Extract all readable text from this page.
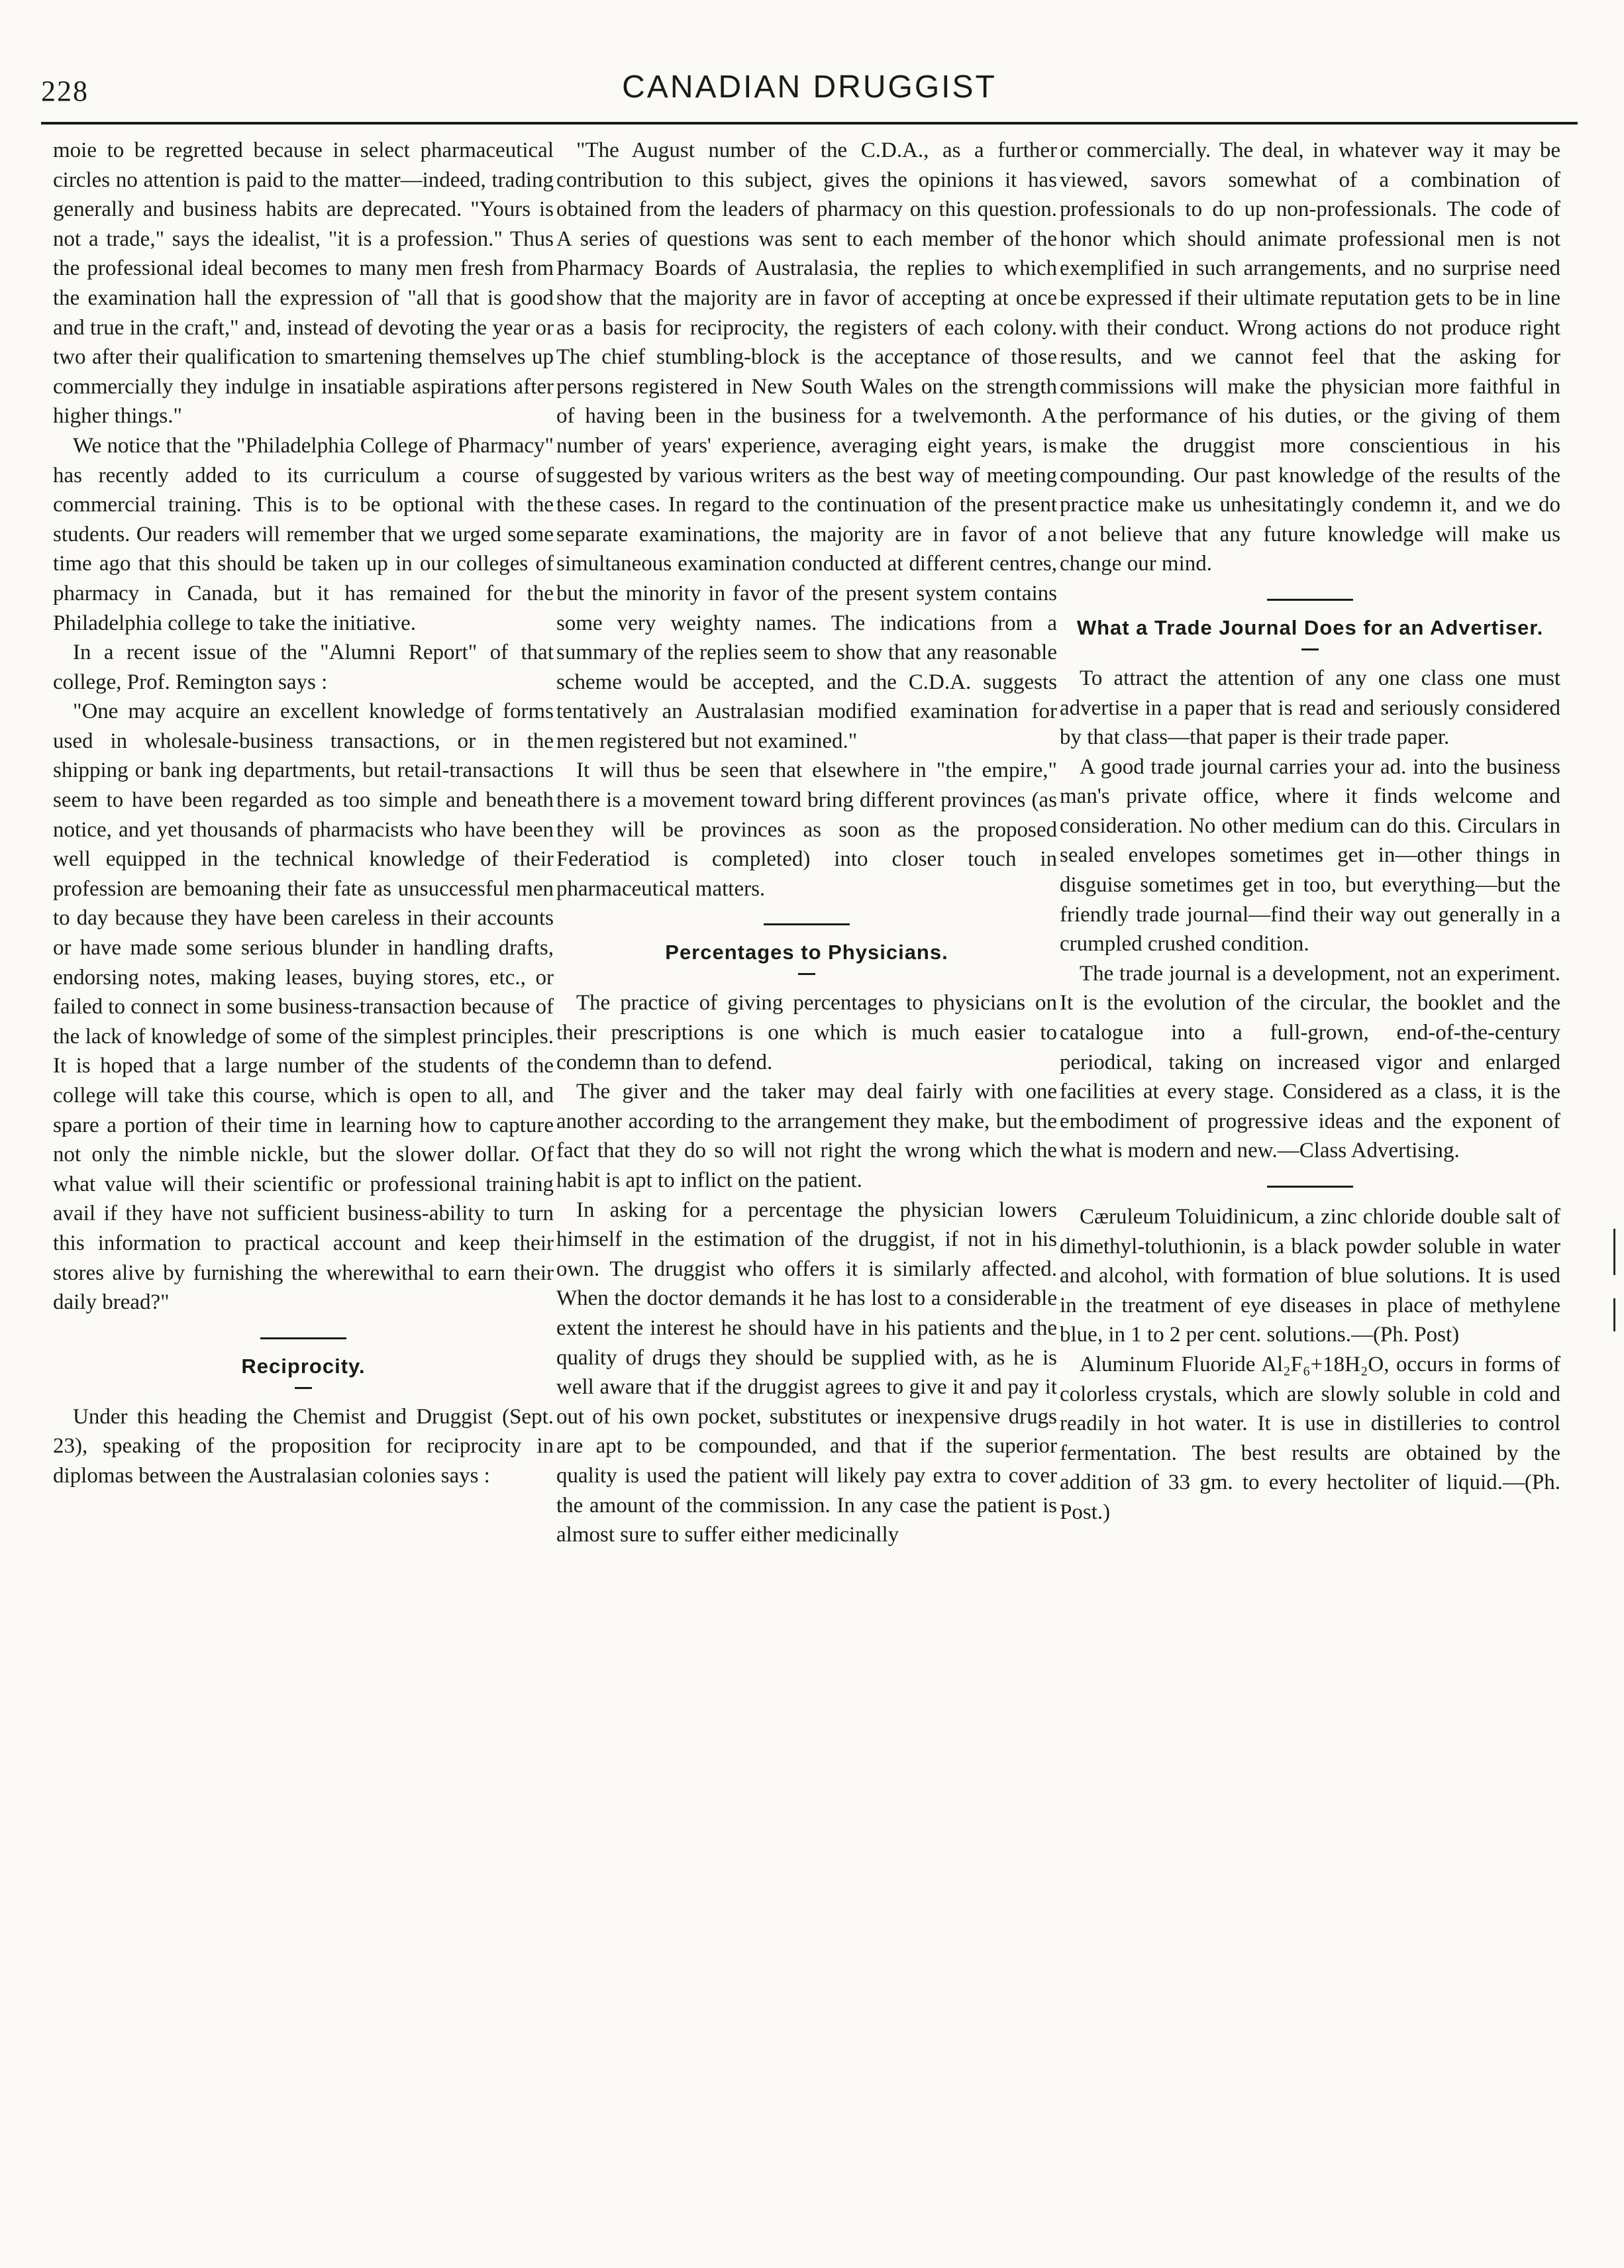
228	CANADIAN DRUGGIST

moie to be regretted because in select pharmaceutical circles no attention is paid to the matter—indeed, trading generally and business habits are deprecated. "Yours is not a trade," says the idealist, "it is a profession." Thus the professional ideal becomes to many men fresh from the examination hall the expression of "all that is good and true in the craft," and, instead of devoting the year or two after their qualification to smartening themselves up commercially they indulge in insatiable aspirations after higher things."

We notice that the "Philadelphia College of Pharmacy" has recently added to its curriculum a course of commercial training. This is to be optional with the students. Our readers will remember that we urged some time ago that this should be taken up in our colleges of pharmacy in Canada, but it has remained for the Philadelphia college to take the initiative.

In a recent issue of the "Alumni Report" of that college, Prof. Remington says :

"One may acquire an excellent knowledge of forms used in wholesale-business transactions, or in the shipping or bank ing departments, but retail-transactions seem to have been regarded as too simple and beneath notice, and yet thousands of pharmacists who have been well equipped in the technical knowledge of their profession are bemoaning their fate as unsuccessful men to day because they have been careless in their accounts or have made some serious blunder in handling drafts, endorsing notes, making leases, buying stores, etc., or failed to connect in some business-transaction because of the lack of knowledge of some of the simplest principles. It is hoped that a large number of the students of the college will take this course, which is open to all, and spare a portion of their time in learning how to capture not only the nimble nickle, but the slower dollar. Of what value will their scientific or professional training avail if they have not sufficient business-ability to turn this information to practical account and keep their stores alive by furnishing the wherewithal to earn their daily bread?"

Reciprocity.

Under this heading the Chemist and Druggist (Sept. 23), speaking of the proposition for reciprocity in diplomas between the Australasian colonies says :

"The August number of the C.D.A., as a further contribution to this subject, gives the opinions it has obtained from the leaders of pharmacy on this question. A series of questions was sent to each member of the Pharmacy Boards of Australasia, the replies to which show that the majority are in favor of accepting at once as a basis for reciprocity, the registers of each colony. The chief stumbling-block is the acceptance of those persons registered in New South Wales on the strength of having been in the business for a twelvemonth. A number of years' experience, averaging eight years, is suggested by various writers as the best way of meeting these cases. In regard to the continuation of the present separate examinations, the majority are in favor of a simultaneous examination conducted at different centres, but the minority in favor of the present system contains some very weighty names. The indications from a summary of the replies seem to show that any reasonable scheme would be accepted, and the C.D.A. suggests tentatively an Australasian modified examination for men registered but not examined."

It will thus be seen that elsewhere in "the empire," there is a movement toward bring different provinces (as they will be provinces as soon as the proposed Federatiod is completed) into closer touch in pharmaceutical matters.

Percentages to Physicians.

The practice of giving percentages to physicians on their prescriptions is one which is much easier to condemn than to defend.

The giver and the taker may deal fairly with one another according to the arrangement they make, but the fact that they do so will not right the wrong which the habit is apt to inflict on the patient.

In asking for a percentage the physician lowers himself in the estimation of the druggist, if not in his own. The druggist who offers it is similarly affected. When the doctor demands it he has lost to a considerable extent the interest he should have in his patients and the quality of drugs they should be supplied with, as he is well aware that if the druggist agrees to give it and pay it out of his own pocket, substitutes or inexpensive drugs are apt to be compounded, and that if the superior quality is used the patient will likely pay extra to cover the amount of the commission. In any case the patient is almost sure to suffer either medicinally

or commercially. The deal, in whatever way it may be viewed, savors somewhat of a combination of professionals to do up non-professionals. The code of honor which should animate professional men is not exemplified in such arrangements, and no surprise need be expressed if their ultimate reputation gets to be in line with their conduct. Wrong actions do not produce right results, and we cannot feel that the asking for commissions will make the physician more faithful in the performance of his duties, or the giving of them make the druggist more conscientious in his compounding. Our past knowledge of the results of the practice make us unhesitatingly condemn it, and we do not believe that any future knowledge will make us change our mind.

What a Trade Journal Does for an Advertiser.

To attract the attention of any one class one must advertise in a paper that is read and seriously considered by that class—that paper is their trade paper.

A good trade journal carries your ad. into the business man's private office, where it finds welcome and consideration. No other medium can do this. Circulars in sealed envelopes sometimes get in—other things in disguise sometimes get in too, but everything—but the friendly trade journal—find their way out generally in a crumpled crushed condition.

The trade journal is a development, not an experiment. It is the evolution of the circular, the booklet and the catalogue into a full-grown, end-of-the-century periodical, taking on increased vigor and enlarged facilities at every stage. Considered as a class, it is the embodiment of progressive ideas and the exponent of what is modern and new.—Class Advertising.

Cæruleum Toluidinicum, a zinc chloride double salt of dimethyl-toluthionin, is a black powder soluble in water and alcohol, with formation of blue solutions. It is used in the treatment of eye diseases in place of methylene blue, in 1 to 2 per cent. solutions.—(Ph. Post)

Aluminum Fluoride Al₂F₆+18H₂O, occurs in forms of colorless crystals, which are slowly soluble in cold and readily in hot water. It is use in distilleries to control fermentation. The best results are obtained by the addition of 33 gm. to every hectoliter of liquid.—(Ph. Post.)
